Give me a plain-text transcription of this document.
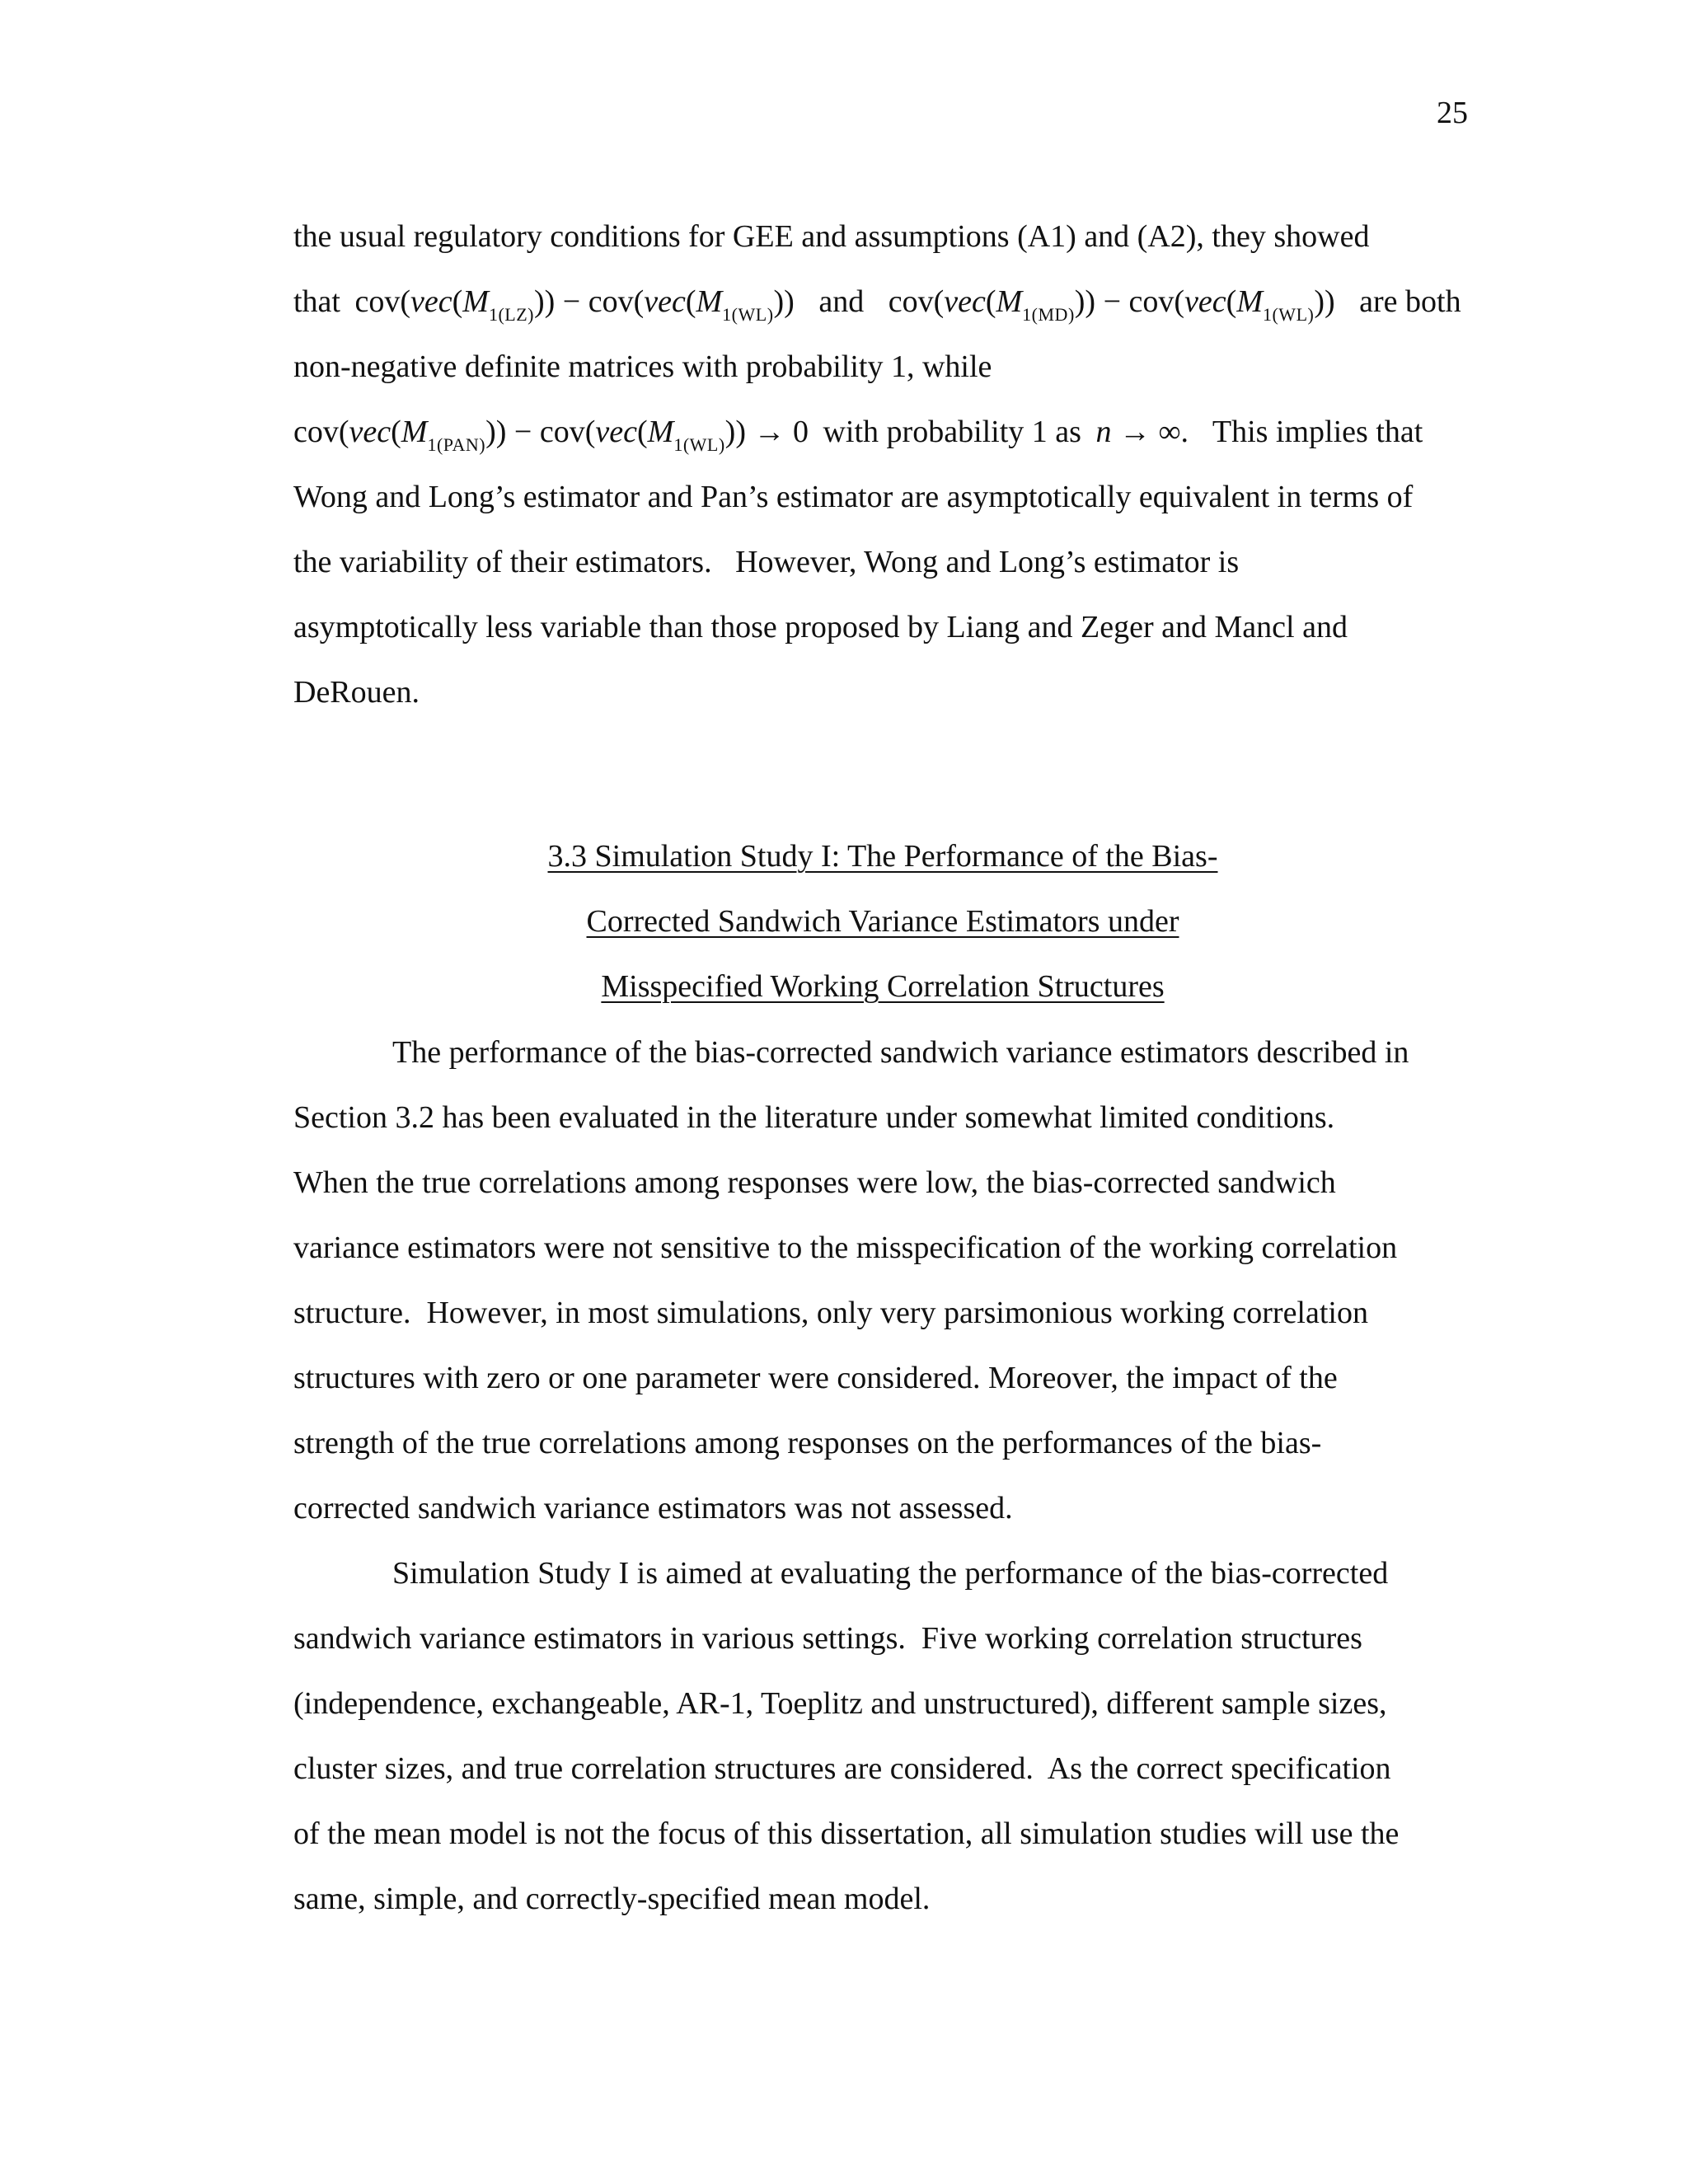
25
the usual regulatory conditions for GEE and assumptions (A1) and (A2), they showed
that $cov(vec(M_{1(LZ)})) - cov(vec(M_{1(WL)}))$ and $cov(vec(M_{1(MD)})) - cov(vec(M_{1(WL)}))$ are both
non-negative definite matrices with probability 1, while
$cov(vec(M_{1(PAN)})) - cov(vec(M_{1(WL)})) \to 0$ with probability 1 as n → ∞. This implies that
Wong and Long’s estimator and Pan’s estimator are asymptotically equivalent in terms of
the variability of their estimators.   However, Wong and Long’s estimator is
asymptotically less variable than those proposed by Liang and Zeger and Mancl and
DeRouen.
3.3 Simulation Study I: The Performance of the Bias-
Corrected Sandwich Variance Estimators under
Misspecified Working Correlation Structures
The performance of the bias-corrected sandwich variance estimators described in
Section 3.2 has been evaluated in the literature under somewhat limited conditions.
When the true correlations among responses were low, the bias-corrected sandwich
variance estimators were not sensitive to the misspecification of the working correlation
structure.  However, in most simulations, only very parsimonious working correlation
structures with zero or one parameter were considered. Moreover, the impact of the
strength of the true correlations among responses on the performances of the bias-
corrected sandwich variance estimators was not assessed.
Simulation Study I is aimed at evaluating the performance of the bias-corrected
sandwich variance estimators in various settings.  Five working correlation structures
(independence, exchangeable, AR-1, Toeplitz and unstructured), different sample sizes,
cluster sizes, and true correlation structures are considered.  As the correct specification
of the mean model is not the focus of this dissertation, all simulation studies will use the
same, simple, and correctly-specified mean model.
